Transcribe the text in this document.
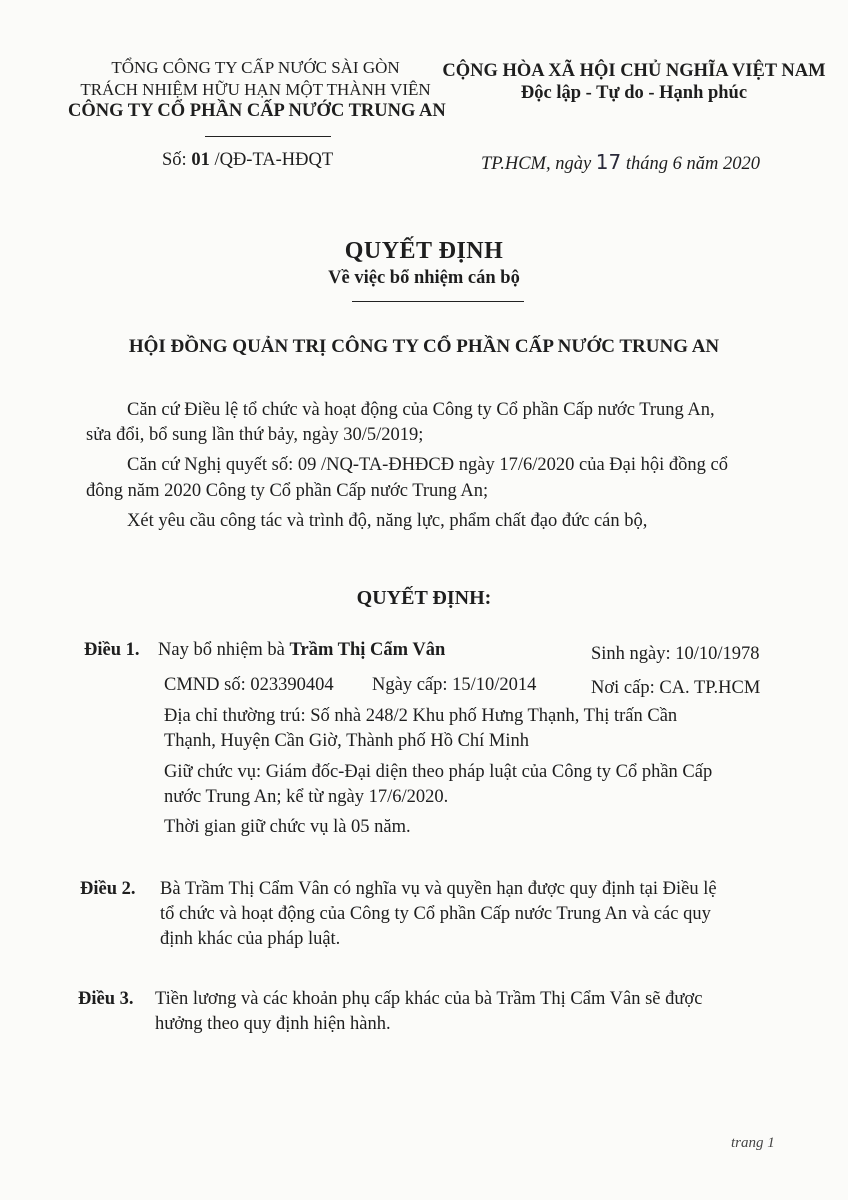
TỔNG CÔNG TY CẤP NƯỚC SÀI GÒN
TRÁCH NHIỆM HỮU HẠN MỘT THÀNH VIÊN
CÔNG TY CỔ PHẦN CẤP NƯỚC TRUNG AN
CỘNG HÒA XÃ HỘI CHỦ NGHĨA VIỆT NAM
Độc lập - Tự do - Hạnh phúc
Số: 01 /QĐ-TA-HĐQT	TP.HCM, ngày 17 tháng 6 năm 2020
QUYẾT ĐỊNH
Về việc bổ nhiệm cán bộ
HỘI ĐỒNG QUẢN TRỊ CÔNG TY CỔ PHẦN CẤP NƯỚC TRUNG AN
Căn cứ Điều lệ tổ chức và hoạt động của Công ty Cổ phần Cấp nước Trung An,
sửa đổi, bổ sung lần thứ bảy, ngày 30/5/2019;
Căn cứ Nghị quyết số: 09 /NQ-TA-ĐHĐCĐ ngày 17/6/2020 của Đại hội đồng cổ
đông năm 2020 Công ty Cổ phần Cấp nước Trung An;
Xét yêu cầu công tác và trình độ, năng lực, phẩm chất đạo đức cán bộ,
QUYẾT ĐỊNH:
Điều 1. Nay bổ nhiệm bà Trầm Thị Cẩm Vân	Sinh ngày: 10/10/1978
CMND số: 023390404 Ngày cấp: 15/10/2014	Nơi cấp: CA. TP.HCM
Địa chỉ thường trú: Số nhà 248/2 Khu phố Hưng Thạnh, Thị trấn Cần
Thạnh, Huyện Cần Giờ, Thành phố Hồ Chí Minh
Giữ chức vụ: Giám đốc-Đại diện theo pháp luật của Công ty Cổ phần Cấp
nước Trung An; kể từ ngày 17/6/2020.
Thời gian giữ chức vụ là 05 năm.
Điều 2. Bà Trầm Thị Cẩm Vân có nghĩa vụ và quyền hạn được quy định tại Điều lệ
tổ chức và hoạt động của Công ty Cổ phần Cấp nước Trung An và các quy
định khác của pháp luật.
Điều 3. Tiền lương và các khoản phụ cấp khác của bà Trầm Thị Cẩm Vân sẽ được
hưởng theo quy định hiện hành.
trang 1
